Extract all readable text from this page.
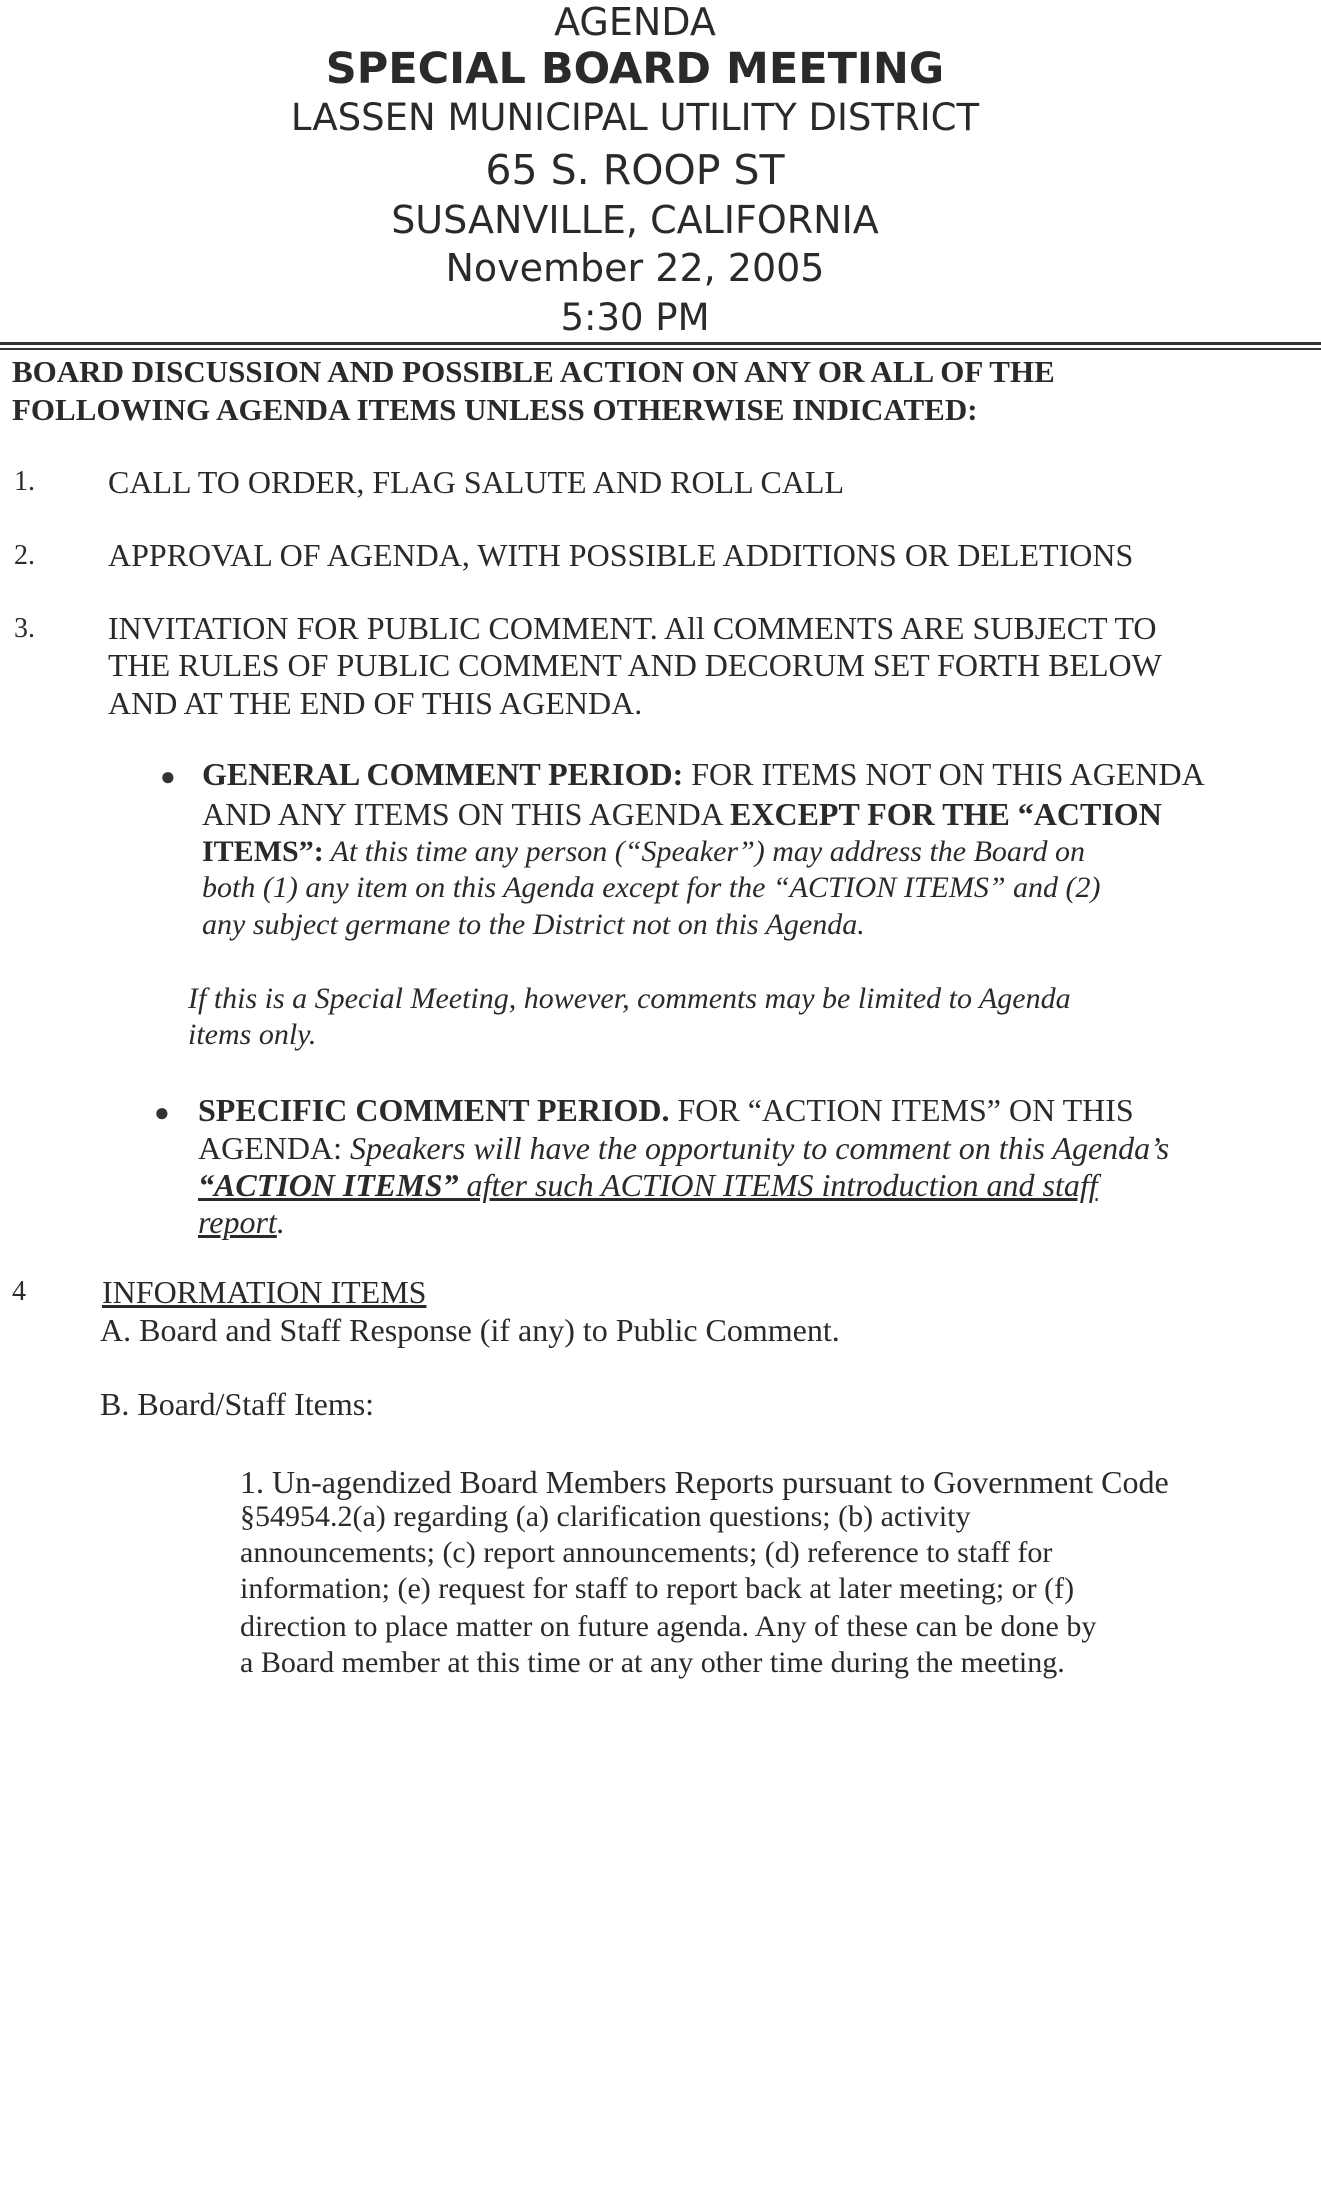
AGENDA
SPECIAL BOARD MEETING
LASSEN MUNICIPAL UTILITY DISTRICT
65 S. ROOP ST
SUSANVILLE, CALIFORNIA
November 22, 2005
5:30 PM
BOARD DISCUSSION AND POSSIBLE ACTION ON ANY OR ALL OF THE
FOLLOWING AGENDA ITEMS UNLESS OTHERWISE INDICATED:
1. CALL TO ORDER, FLAG SALUTE AND ROLL CALL
2. APPROVAL OF AGENDA, WITH POSSIBLE ADDITIONS OR DELETIONS
3. INVITATION FOR PUBLIC COMMENT. All COMMENTS ARE SUBJECT TO
THE RULES OF PUBLIC COMMENT AND DECORUM SET FORTH BELOW
AND AT THE END OF THIS AGENDA.
● GENERAL COMMENT PERIOD: FOR ITEMS NOT ON THIS AGENDA
AND ANY ITEMS ON THIS AGENDA EXCEPT FOR THE “ACTION
ITEMS”: At this time any person (“Speaker”) may address the Board on
both (1) any item on this Agenda except for the “ACTION ITEMS” and (2)
any subject germane to the District not on this Agenda.
If this is a Special Meeting, however, comments may be limited to Agenda
items only.
● SPECIFIC COMMENT PERIOD. FOR “ACTION ITEMS” ON THIS
AGENDA: Speakers will have the opportunity to comment on this Agenda’s
“ACTION ITEMS” after such ACTION ITEMS introduction and staff
report.
4 INFORMATION ITEMS
A. Board and Staff Response (if any) to Public Comment.
B. Board/Staff Items:
1. Un-agendized Board Members Reports pursuant to Government Code
§54954.2(a) regarding (a) clarification questions; (b) activity
announcements; (c) report announcements; (d) reference to staff for
information; (e) request for staff to report back at later meeting; or (f)
direction to place matter on future agenda. Any of these can be done by
a Board member at this time or at any other time during the meeting.
